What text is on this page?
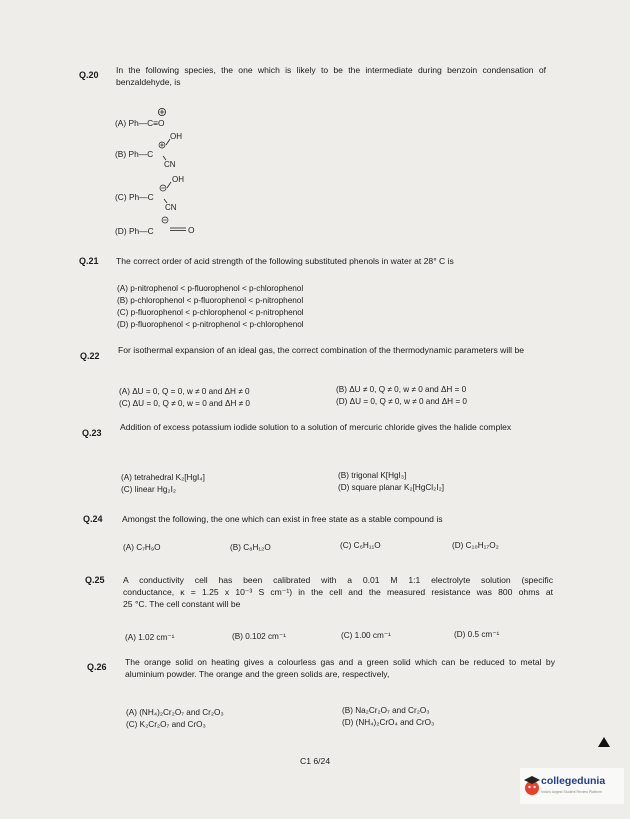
Q.20 In the following species, the one which is likely to be the intermediate during benzoin condensation of benzaldehyde, is
(A) Ph—C≡O
(B) Ph—C
OH
CN
(C) Ph—C
OH
CN
(D) Ph—C	O
Q.21 The correct order of acid strength of the following substituted phenols in water at 28° C is
(A) p-nitrophenol < p-fluorophenol < p-chlorophenol
(B) p-chlorophenol < p-fluorophenol < p-nitrophenol
(C) p-fluorophenol < p-chlorophenol < p-nitrophenol
(D) p-fluorophenol < p-nitrophenol < p-chlorophenol
Q.22
For isothermal expansion of an ideal gas, the correct combination of the thermodynamic parameters will be
(A) ΔU = 0, Q = 0, w ≠ 0 and ΔH ≠ 0	(B) ΔU ≠ 0, Q ≠ 0, w ≠ 0 and ΔH = 0
(C) ΔU = 0, Q ≠ 0, w = 0 and ΔH ≠ 0	(D) ΔU = 0, Q ≠ 0, w ≠ 0 and ΔH = 0
Q.23
Addition of excess potassium iodide solution to a solution of mercuric chloride gives the halide complex
(A) tetrahedral K₂[HgI₄]	(B) trigonal K[HgI₃]
(C) linear Hg₂I₂	(D) square planar K₂[HgCl₂I₂]
Q.24 Amongst the following, the one which can exist in free state as a stable compound is
(A) C₇H₉O	(B) C₈H₁₂O	(C) C₆H₁₁O	(D) C₁₀H₁₇O₂
Q.25 A conductivity cell has been calibrated with a 0.01 M 1:1 electrolyte solution (specific
conductance, κ = 1.25 x 10⁻³ S cm⁻¹) in the cell and the measured resistance was 800 ohms at
25 °C. The cell constant will be
(A) 1.02 cm⁻¹	(B) 0.102 cm⁻¹	(C) 1.00 cm⁻¹	(D) 0.5 cm⁻¹
Q.26 The orange solid on heating gives a colourless gas and a green solid which can be reduced to metal by aluminium powder. The orange and the green solids are, respectively,
(A) (NH₄)₂Cr₂O₇ and Cr₂O₃	(B) Na₂Cr₂O₇ and Cr₂O₃
(C) K₂Cr₂O₇ and CrO₃	(D) (NH₄)₂CrO₄ and CrO₃
C1 6/24
collegedunia
India's largest Student Review Platform
